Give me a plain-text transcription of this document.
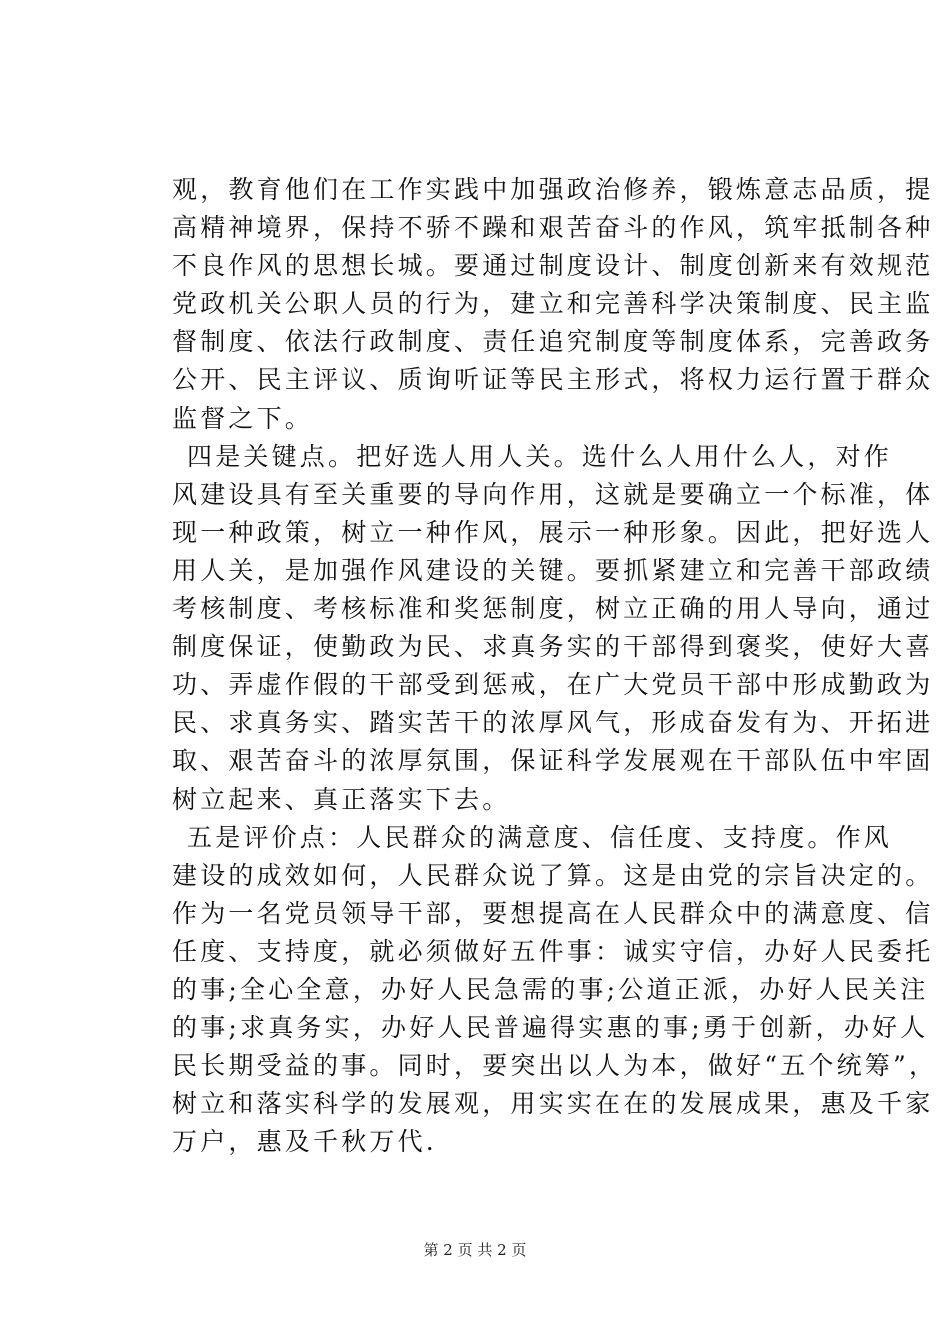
观，教育他们在工作实践中加强政治修养，锻炼意志品质，提
高精神境界，保持不骄不躁和艰苦奋斗的作风，筑牢抵制各种
不良作风的思想长城。要通过制度设计、制度创新来有效规范
党政机关公职人员的行为，建立和完善科学决策制度、民主监
督制度、依法行政制度、责任追究制度等制度体系，完善政务
公开、民主评议、质询听证等民主形式，将权力运行置于群众
监督之下。
四是关键点。把好选人用人关。选什么人用什么人，对作
风建设具有至关重要的导向作用，这就是要确立一个标准，体
现一种政策，树立一种作风，展示一种形象。因此，把好选人
用人关，是加强作风建设的关键。要抓紧建立和完善干部政绩
考核制度、考核标准和奖惩制度，树立正确的用人导向，通过
制度保证，使勤政为民、求真务实的干部得到褒奖，使好大喜
功、弄虚作假的干部受到惩戒，在广大党员干部中形成勤政为
民、求真务实、踏实苦干的浓厚风气，形成奋发有为、开拓进
取、艰苦奋斗的浓厚氛围，保证科学发展观在干部队伍中牢固
树立起来、真正落实下去。
五是评价点：人民群众的满意度、信任度、支持度。作风
建设的成效如何，人民群众说了算。这是由党的宗旨决定的。
作为一名党员领导干部，要想提高在人民群众中的满意度、信
任度、支持度，就必须做好五件事：诚实守信，办好人民委托
的事;全心全意，办好人民急需的事;公道正派，办好人民关注
的事;求真务实，办好人民普遍得实惠的事;勇于创新，办好人
民长期受益的事。同时，要突出以人为本，做好“五个统筹”，
树立和落实科学的发展观，用实实在在的发展成果，惠及千家
万户，惠及千秋万代.
第 2 页 共 2 页
